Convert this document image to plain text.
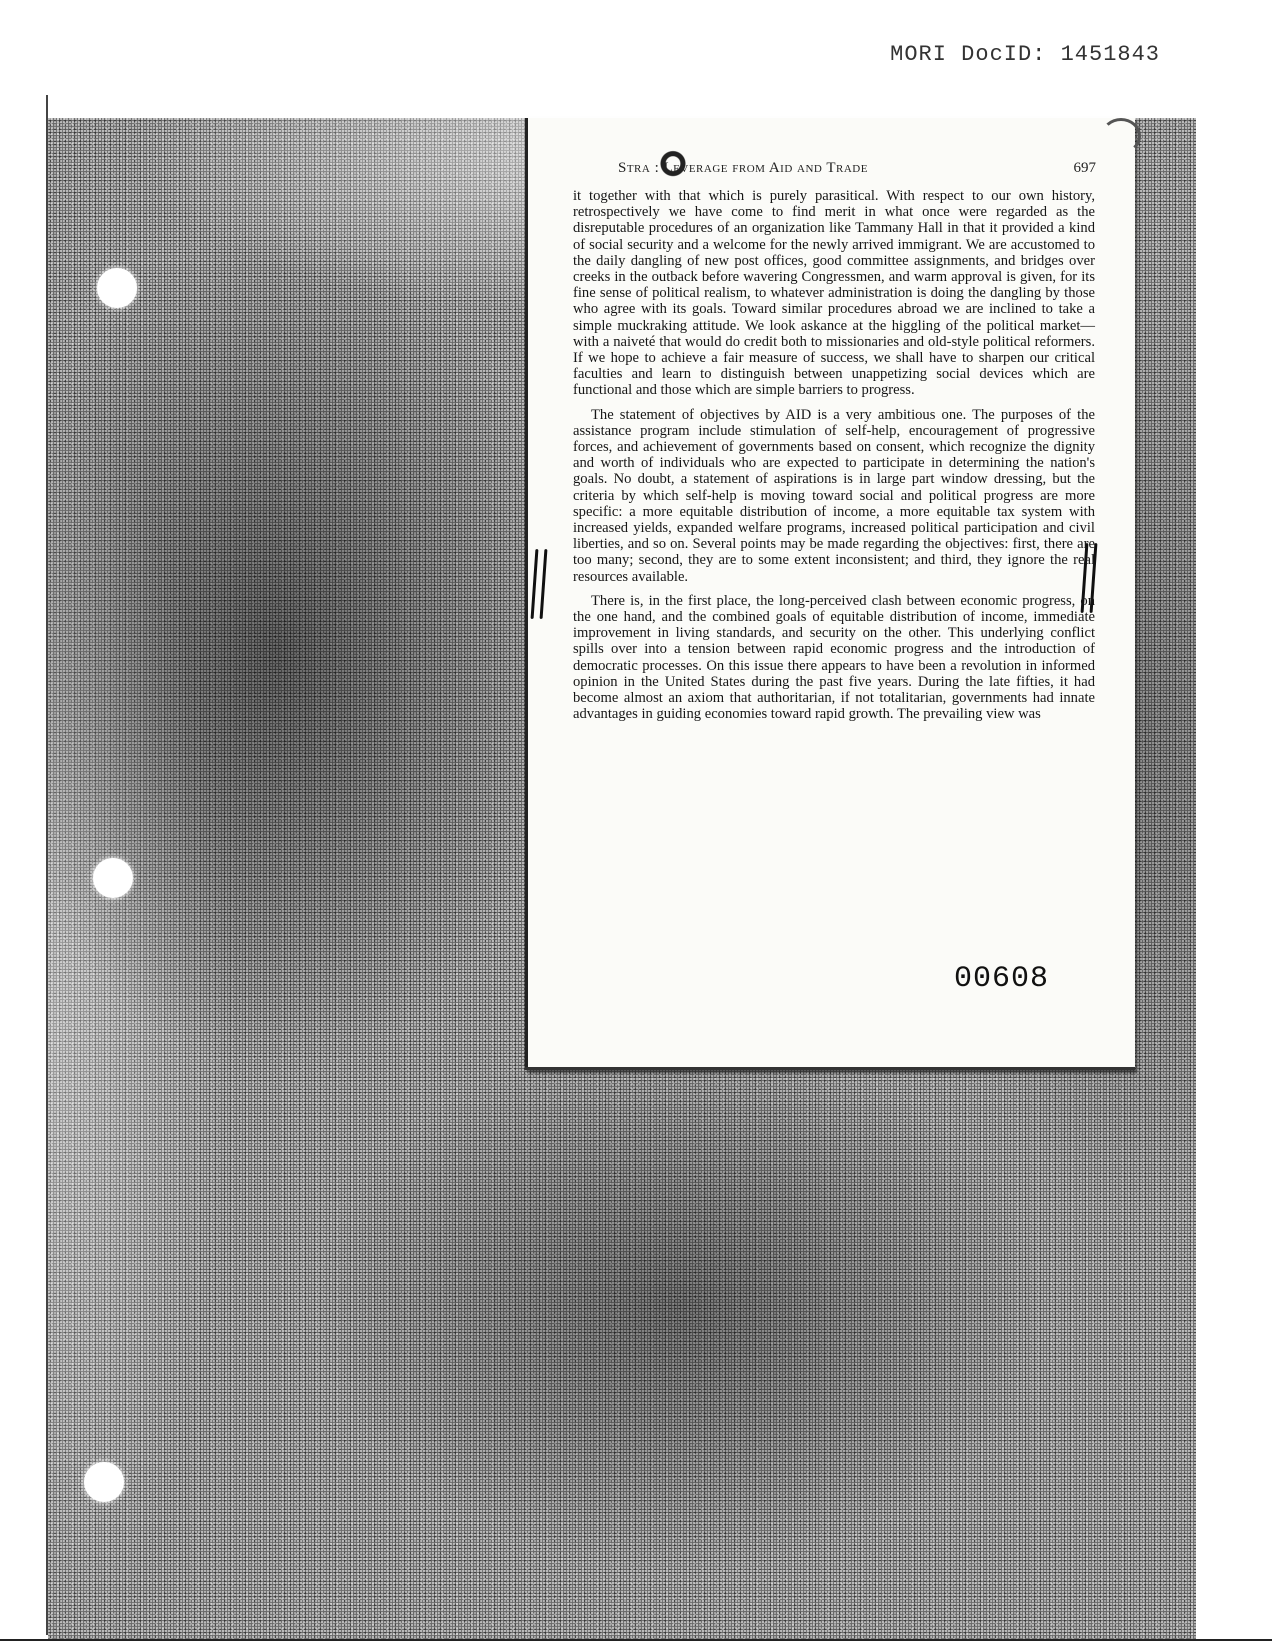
MORI DocID: 1451843
Stra : Leverage from Aid and Trade	697

it together with that which is purely parasitical. With respect to our own history, retrospectively we have come to find merit in what once were regarded as the disreputable procedures of an organization like Tammany Hall in that it provided a kind of social security and a welcome for the newly arrived immigrant. We are accustomed to the daily dangling of new post offices, good committee assignments, and bridges over creeks in the outback before wavering Congressmen, and warm approval is given, for its fine sense of political realism, to whatever administration is doing the dangling by those who agree with its goals. Toward similar procedures abroad we are inclined to take a simple muckraking attitude. We look askance at the higgling of the political market—with a naiveté that would do credit both to missionaries and old-style political reformers. If we hope to achieve a fair measure of success, we shall have to sharpen our critical faculties and learn to distinguish between unappetizing social devices which are functional and those which are simple barriers to progress.

The statement of objectives by AID is a very ambitious one. The purposes of the assistance program include stimulation of self-help, encouragement of progressive forces, and achievement of governments based on consent, which recognize the dignity and worth of individuals who are expected to participate in determining the nation's goals. No doubt, a statement of aspirations is in large part window dressing, but the criteria by which self-help is moving toward social and political progress are more specific: a more equitable distribution of income, a more equitable tax system with increased yields, expanded welfare programs, increased political participation and civil liberties, and so on. Several points may be made regarding the objectives: first, there are too many; second, they are to some extent inconsistent; and third, they ignore the real resources available.

There is, in the first place, the long-perceived clash between economic progress, on the one hand, and the combined goals of equitable distribution of income, immediate improvement in living standards, and security on the other. This underlying conflict spills over into a tension between rapid economic progress and the introduction of democratic processes. On this issue there appears to have been a revolution in informed opinion in the United States during the past five years. During the late fifties, it had become almost an axiom that authoritarian, if not totalitarian, governments had innate advantages in guiding economies toward rapid growth. The prevailing view was

00608
